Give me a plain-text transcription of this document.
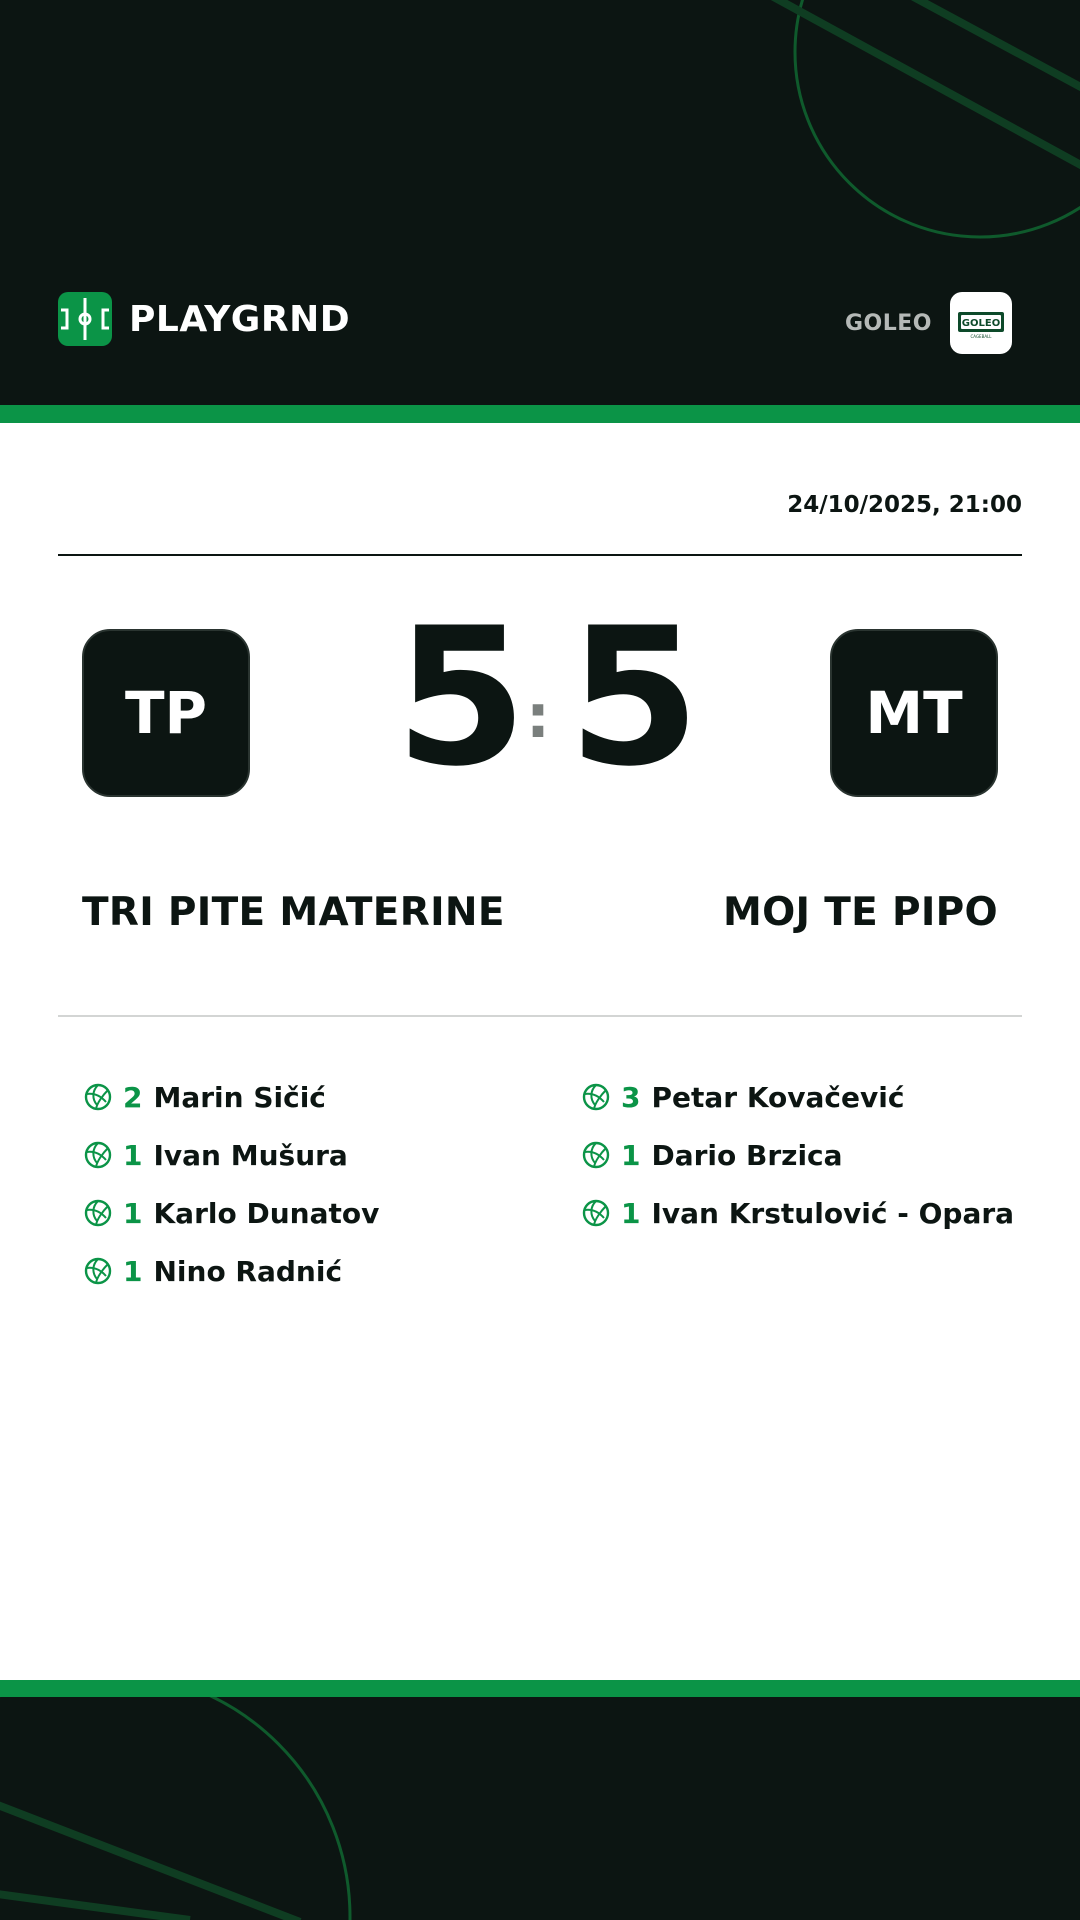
PLAYGRND	GOLEO	GOLEO
CAGEBALL
24/10/2025, 21:00
TP 5
: 5	MT
TRI PITE MATERINE	MOJ TE PIPO
2 Marin Sičić
1 Ivan Mušura
1 Karlo Dunatov
1 Nino Radnić
3 Petar Kovačević
1 Dario Brzica
1 Ivan Krstulović - Opara
